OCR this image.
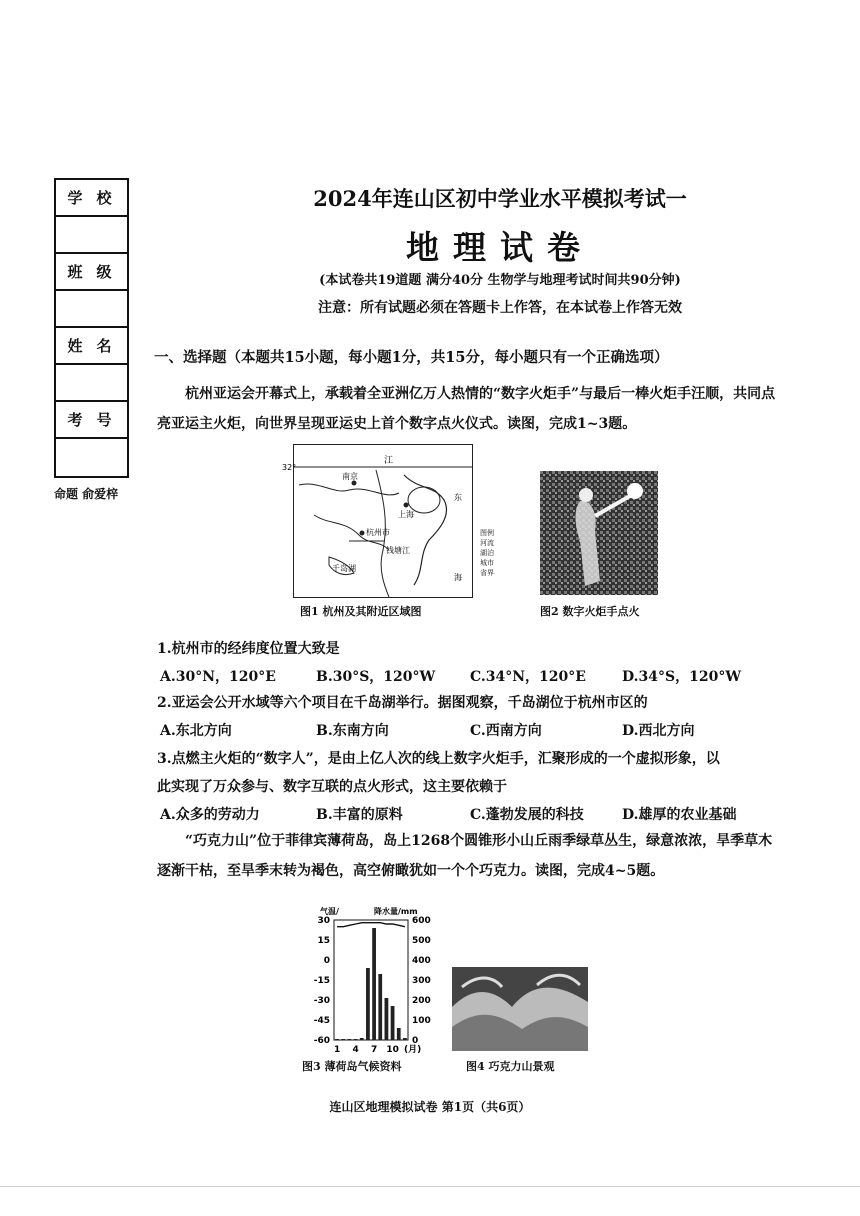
学校
班级
姓名
考号
命题 俞爱梓
2024年连山区初中学业水平模拟考试一
地理试卷
(本试卷共19道题 满分40分 生物学与地理考试时间共90分钟)
注意：所有试题必须在答题卡上作答，在本试卷上作答无效
一、选择题（本题共15小题，每小题1分，共15分，每小题只有一个正确选项）
杭州亚运会开幕式上，承载着全亚洲亿万人热情的“数字火炬手”与最后一棒火炬手汪顺，共同点亮亚运主火炬，向世界呈现亚运史上首个数字点火仪式。读图，完成1~3题。
32°
江
南京
上海
东
杭州市
钱塘江
千岛湖
海
图例
河流
湖泊
城市
省界
图1 杭州及其附近区域图	图2 数字火炬手点火
1.杭州市的经纬度位置大致是
A.30°N，120°E	B.30°S，120°W C.34°N，120°E	D.34°S，120°W
2.亚运会公开水域等六个项目在千岛湖举行。据图观察，千岛湖位于杭州市区的
A.东北方向	B.东南方向	C.西南方向	D.西北方向
3.点燃主火炬的“数字人”，是由上亿人次的线上数字火炬手，汇聚形成的一个虚拟形象，以
此实现了万众参与、数字互联的点火形式，这主要依赖于
A.众多的劳动力	B.丰富的原料	C.蓬勃发展的科技	D.雄厚的农业基础
“巧克力山”位于菲律宾薄荷岛，岛上1268个圆锥形小山丘雨季绿草丛生，绿意浓浓，旱季草木逐渐干枯，至旱季末转为褐色，高空俯瞰犹如一个个巧克力。读图，完成4~5题。
30
15
0
-15
-30
-45
-60
600
500
400
300
200
100
0
气温/	降水量/mm
1 4 7 10 (月)
图3 薄荷岛气候资料	图4 巧克力山景观
连山区地理模拟试卷 第1页（共6页）
